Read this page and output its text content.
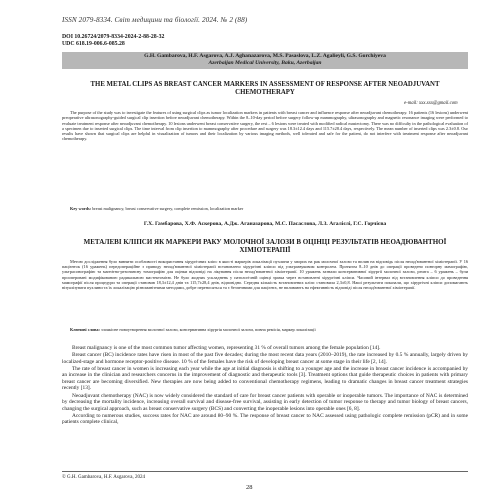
ISSN 2079-8334. Світ медицини та біології. 2024. № 2 (88)
DOI 10.26724/2079-8334-2024-2-88-28-32
UDC 618.19-006.6-085.28
G.H. Gambarova, H.F. Asgarova, A.J. Aghanazarova, M.S. Pasaslova, L.Z. Agalieyli, G.S. Gorchiyeva
Azerbaijan Medical University, Baku, Azerbaijan
THE METAL CLIPS AS BREAST CANCER MARKERS IN ASSESSMENT OF RESPONSE AFTER NEOADJUVANT CHEMOTHERAPY
e-mail: xxx.xxx@gmail.com
The purpose of the study was to investigate the features of using surgical clips as tumor localization markers in patients with breast cancer and influence response after neoadjuvant chemotherapy. 16 patients (16 lesions) underwent preoperative ultrasonography-guided surgical clip insertion before neoadjuvant chemotherapy. Within the 8–10-day period before surgery follow-up mammography, ultrasonography and magnetic resonance imaging were performed to evaluate treatment response after neoadjuvant chemotherapy. 10 lesions underwent breast conservative surgery, the rest – 6 lesions were treated with modified radical mastectomy. There was no difficulty in the pathological evaluation of a specimen due to inserted surgical clips. The time interval from clip insertion to mammography after procedure and surgery was 18.3±12.4 days and 115.7±28.4 days, respectively. The mean number of inserted clips was 2.3±0.8. Our results have shown that surgical clips are helpful in visualization of tumors and their localization by various imaging methods, well tolerated and safe for the patient, do not interfere with treatment response after neoadjuvant chemotherapy.
Key words: breast malignancy, breast conservative surgery, complete remission, localization marker
Г.Х. Гамбарова, Х.Ф. Аскерова, А.Дж. Аганазарова, М.С. Пасаслова, Л.З. Агалієлі, Г.С. Горчієва
МЕТАЛЕВІ КЛІПСИ ЯК МАРКЕРИ РАКУ МОЛОЧНОЇ ЗАЛОЗИ В ОЦІНЦІ РЕЗУЛЬТАТІВ НЕОАДЮВАНТНОЇ ХІМІОТЕРАПІЇ
Метою дослідження було вивчити особливості використання хірургічних кліпс в якості маркерів локалізації пухлини у хворих на рак молочної залози та вплив на відповідь після неоад'ювантної хіміотерапії. У 16 пацієнток (16 уражень) передопераційне з приводу неоад'ювантної хіміотерапії встановлено хірургічні кліпси під ультразвуковим контролем. Протягом 8–10 днів до операції проведено повторну мамографію, ультрасонографію та магнітно-резонансну томографію для оцінки відповіді на лікування після неоад'ювантної хіміотерапії. 10 уражень зазнали консервативної хірургії молочної залози, решта – 6 уражень – були прооперовані модифікованою радикальною мастектомією. Не було жодних ускладнень у патологічній оцінці зразка через встановлені хірургічні кліпси. Часовий інтервал від встановлення кліпси до проведення мамографії після процедури та операції становив 18,3±12,4 днів та 115,7±28,4 днів, відповідно. Середня кількість встановлених кліпс становила 2,3±0,8. Наші результати показали, що хірургічні кліпси допомагають візуалізувати пухлини та їх локалізацію різноманітними методами, добре переносяться та є безпечними для пацієнта, не впливають на ефективність відповіді після неоад'ювантної хіміотерапії.
Ключові слова: злоякісне новоутворення молочної залози, консервативна хірургія молочної залози, повна ремісія, маркер локалізації

Breast malignancy is one of the most common tumor affecting women, representing 31 % of overall tumors among the female population [14].

Breast cancer (BC) incidence rates have risen in most of the past five decades; during the most recent data years (2010–2019), the rate increased by 0.5 % annually, largely driven by localized-stage and hormone receptor-positive disease. 10 % of the females have the risk of developing breast cancer at some stage in their life [2, 14].

The rate of breast cancer in women is increasing each year while the age at initial diagnosis is shifting to a younger age and the increase in breast cancer incidence is accompanied by an increase in the clinician and researchers concerns in the improvement of diagnostic and therapeutic tools [3]. Treatment options that guide therapeutic choices in patients with primary breast cancer are becoming diversified. New therapies are now being added to conventional chemotherapy regimens, leading to dramatic changes in breast cancer treatment strategies recently [13].

Neoadjuvant chemotherapy (NAC) is now widely considered the standard of care for breast cancer patients with operable or inoperable tumors. The importance of NAC is determined by decreasing the mortality incidence, increasing overall survival and disease-free survival, assisting in early detection of tumor response to therapy and tumor biology of breast cancers, changing the surgical approach, such as breast conservative surgery (BCS) and converting the inoperable lesions into operable ones [6, 8].

According to numerous studies, success rates for NAC are around 80–90 %. The response of breast cancer to NAC assessed using pathologic complete remission (pCR) and in some patients complete clinical,

© G.H. Gambarova, H.F. Asgarova, 2024
28
